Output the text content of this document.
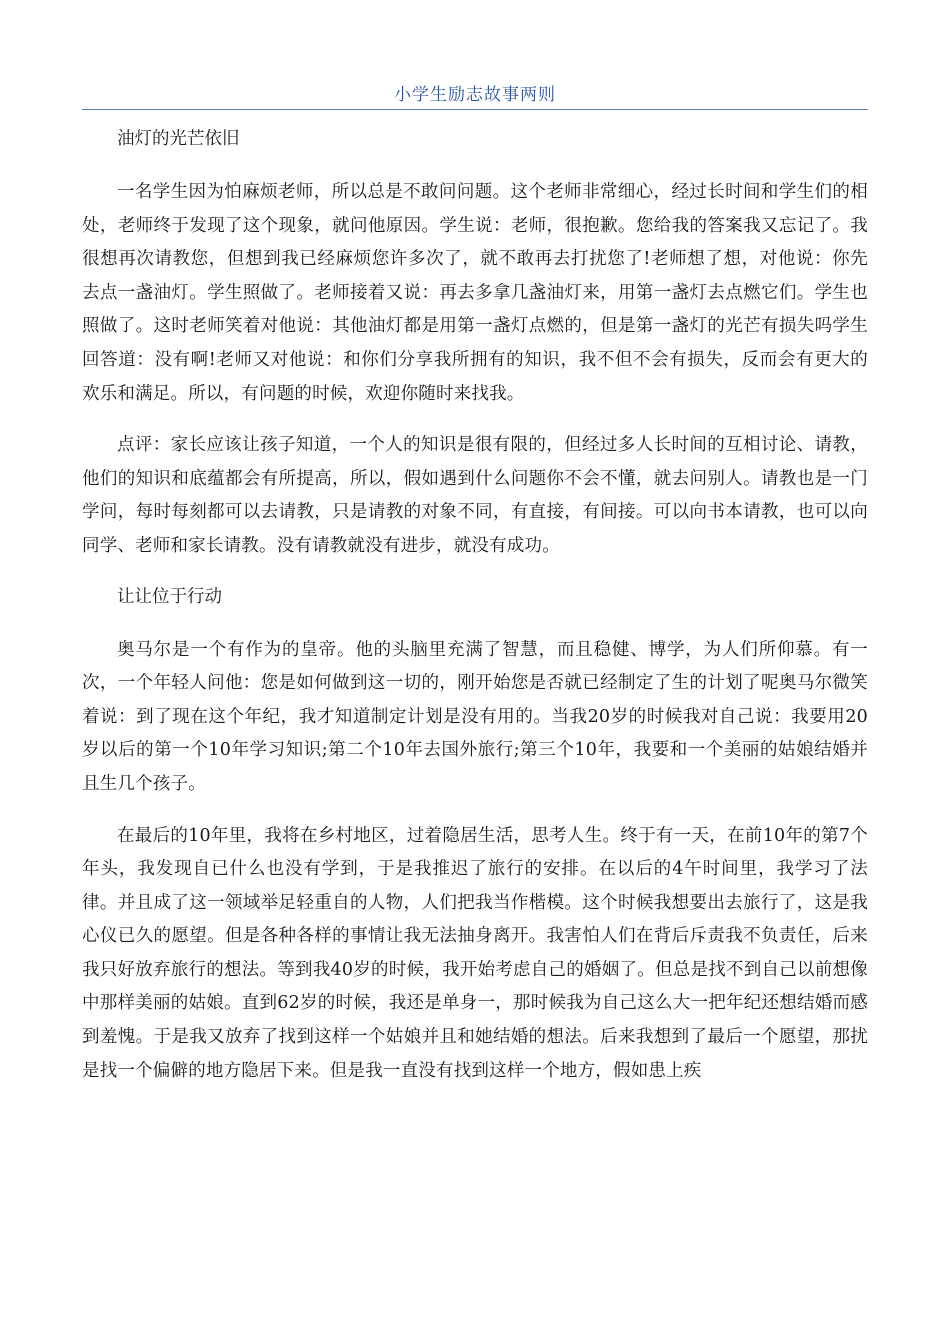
小学生励志故事两则

油灯的光芒依旧

一名学生因为怕麻烦老师，所以总是不敢问问题。这个老师非常细心，经过长时间和学生们的相处，老师终于发现了这个现象，就问他原因。学生说：老师，很抱歉。您给我的答案我又忘记了。我很想再次请教您，但想到我已经麻烦您许多次了，就不敢再去打扰您了!老师想了想，对他说：你先去点一盏油灯。学生照做了。老师接着又说：再去多拿几盏油灯来，用第一盏灯去点燃它们。学生也照做了。这时老师笑着对他说：其他油灯都是用第一盏灯点燃的，但是第一盏灯的光芒有损失吗学生回答道：没有啊!老师又对他说：和你们分享我所拥有的知识，我不但不会有损失，反而会有更大的欢乐和满足。所以，有问题的时候，欢迎你随时来找我。

点评：家长应该让孩子知道，一个人的知识是很有限的，但经过多人长时间的互相讨论、请教，他们的知识和底蕴都会有所提高，所以，假如遇到什么问题你不会不懂，就去问别人。请教也是一门学问，每时每刻都可以去请教，只是请教的对象不同，有直接，有间接。可以向书本请教，也可以向同学、老师和家长请教。没有请教就没有进步，就没有成功。

让让位于行动

奥马尔是一个有作为的皇帝。他的头脑里充满了智慧，而且稳健、博学，为人们所仰慕。有一次，一个年轻人问他：您是如何做到这一切的，刚开始您是否就已经制定了生的计划了呢奥马尔微笑着说：到了现在这个年纪，我才知道制定计划是没有用的。当我20岁的时候我对自己说：我要用20岁以后的第一个10年学习知识;第二个10年去国外旅行;第三个10年，我要和一个美丽的姑娘结婚并且生几个孩子。

在最后的10年里，我将在乡村地区，过着隐居生活，思考人生。终于有一天，在前10年的第7个年头，我发现自已什么也没有学到，于是我推迟了旅行的安排。在以后的4午时间里，我学习了法律。并且成了这一领域举足轻重自的人物，人们把我当作楷模。这个时候我想要出去旅行了，这是我心仪已久的愿望。但是各种各样的事情让我无法抽身离开。我害怕人们在背后斥责我不负责任，后来我只好放弃旅行的想法。等到我40岁的时候，我开始考虑自己的婚姻了。但总是找不到自己以前想像中那样美丽的姑娘。直到62岁的时候，我还是单身一，那时候我为自己这么大一把年纪还想结婚而感到羞愧。于是我又放弃了找到这样一个姑娘并且和她结婚的想法。后来我想到了最后一个愿望，那扰是找一个偏僻的地方隐居下来。但是我一直没有找到这样一个地方，假如患上疾
